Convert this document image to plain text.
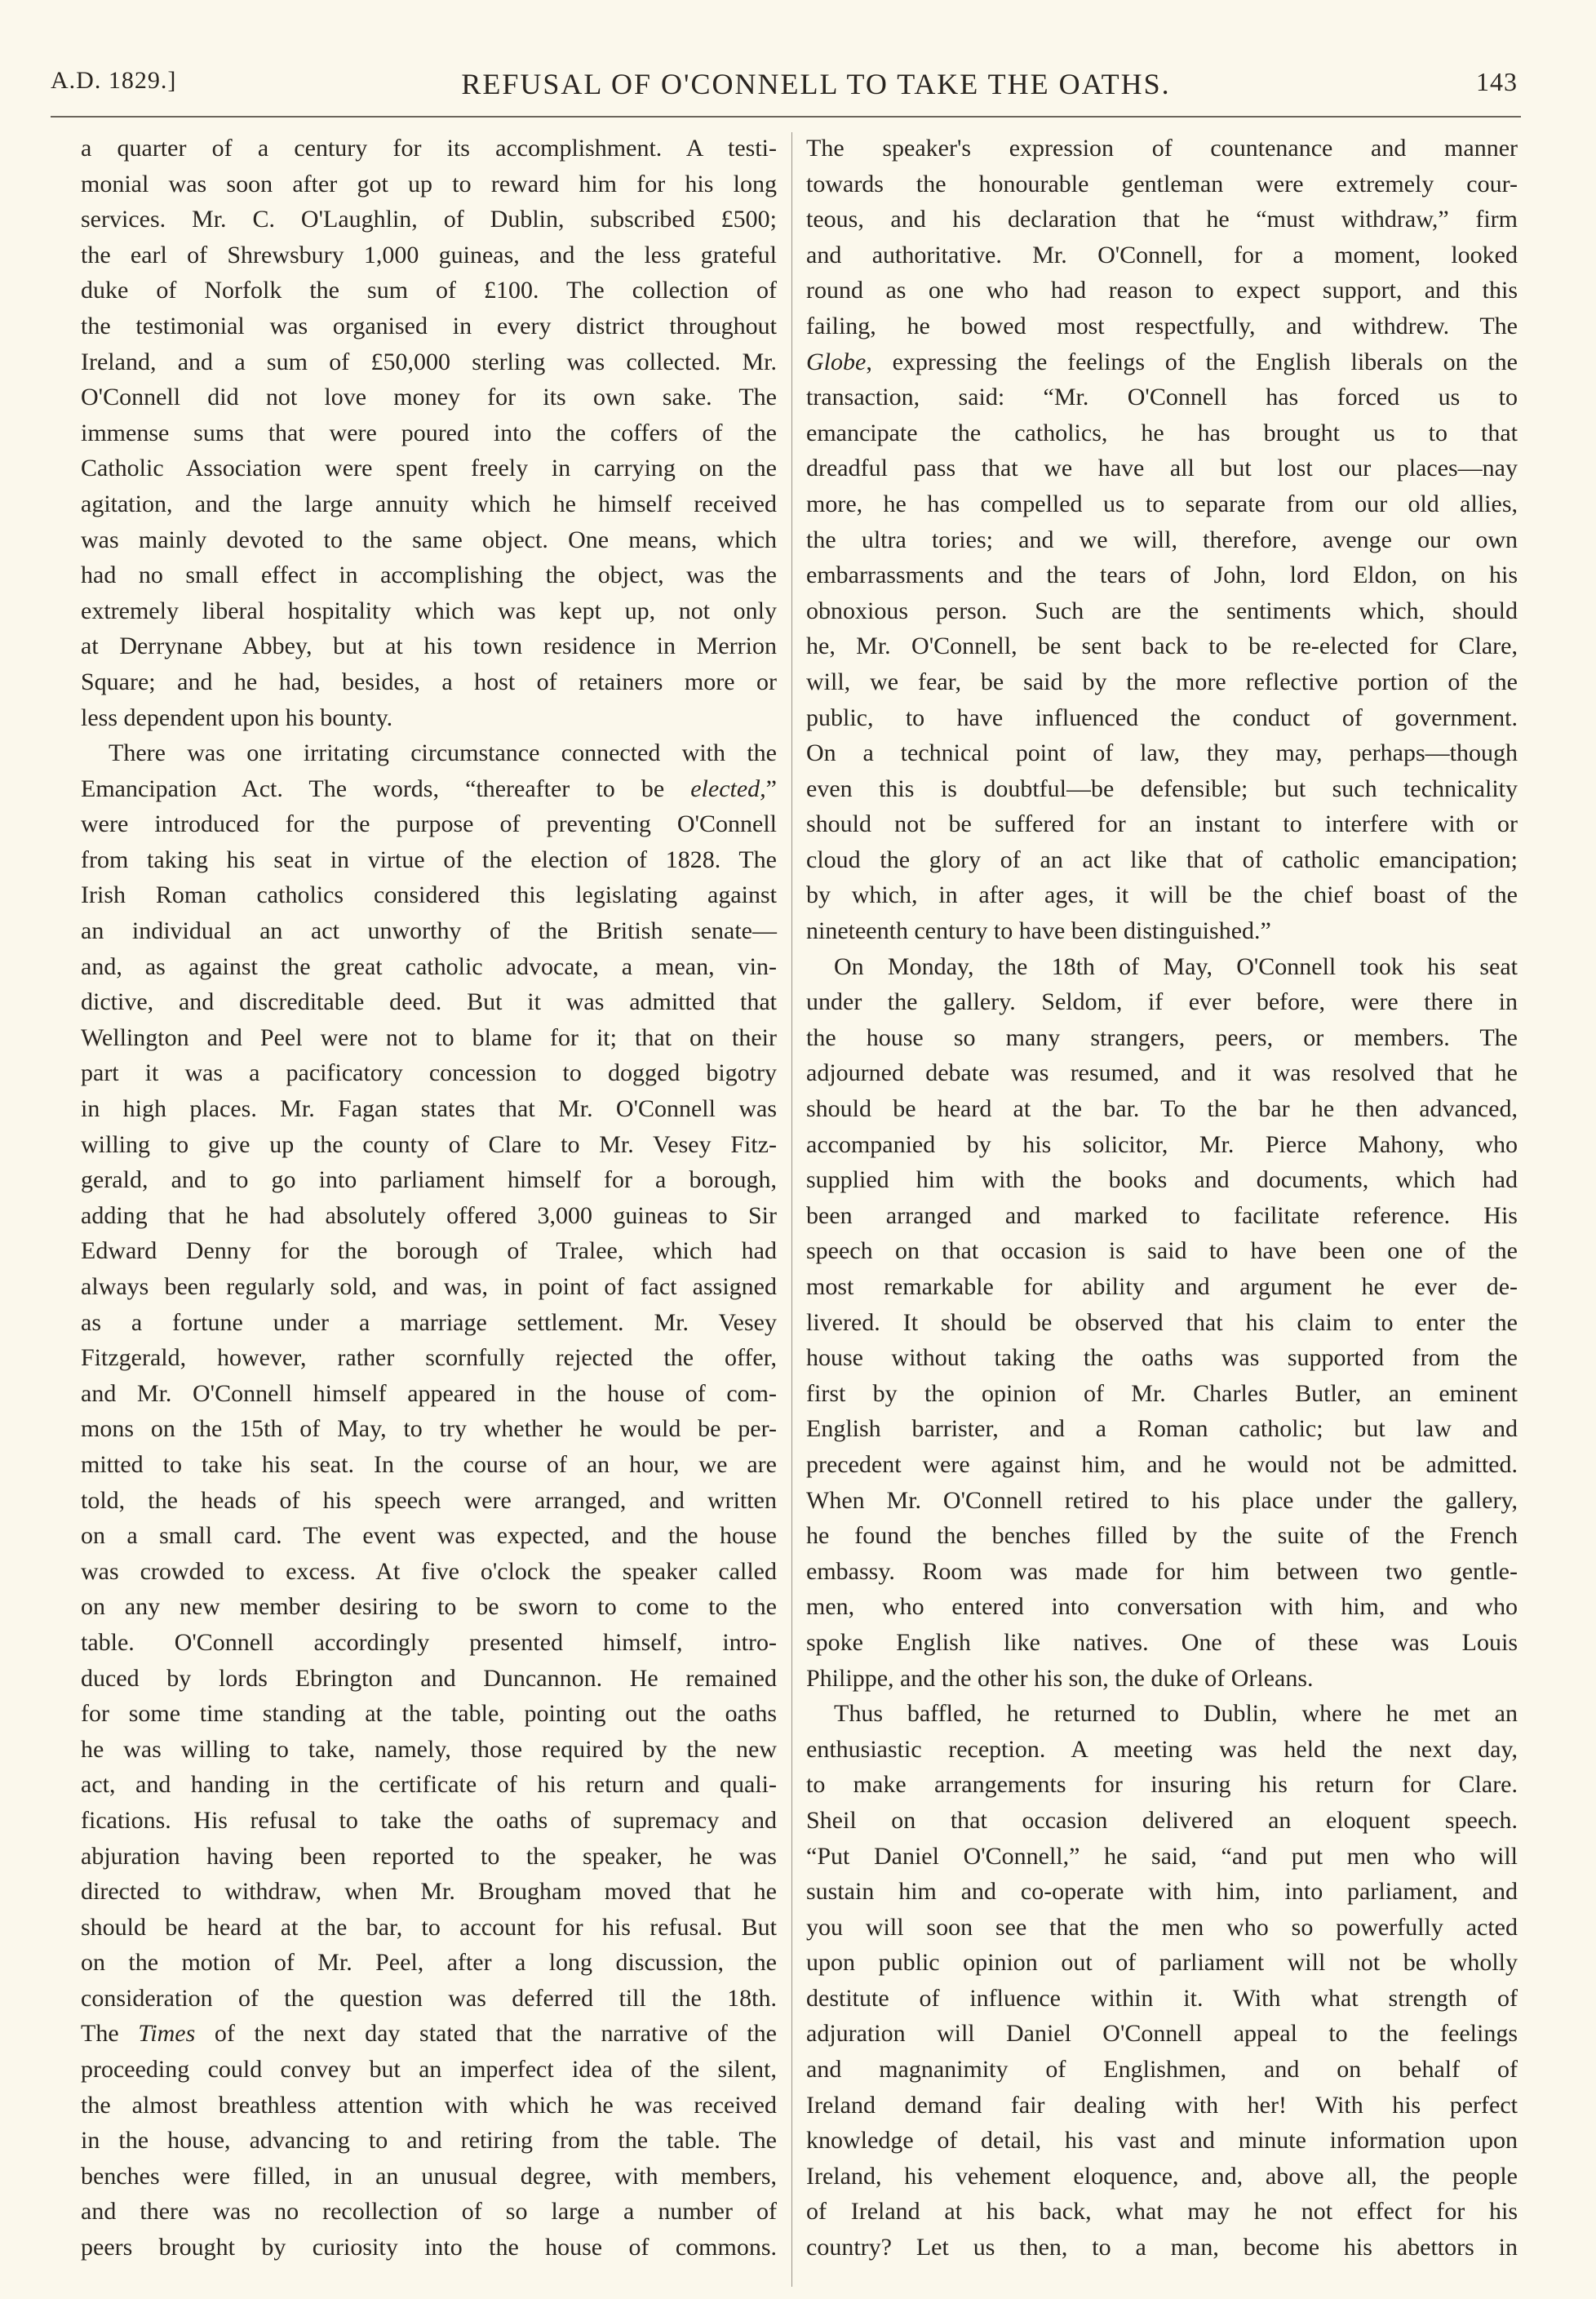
A.D. 1829.]	REFUSAL OF O'CONNELL TO TAKE THE OATHS.	143
a quarter of a century for its accomplishment. A testi-
monial was soon after got up to reward him for his long
services. Mr. C. O'Laughlin, of Dublin, subscribed £500;
the earl of Shrewsbury 1,000 guineas, and the less grateful
duke of Norfolk the sum of £100. The collection of
the testimonial was organised in every district throughout
Ireland, and a sum of £50,000 sterling was collected. Mr.
O'Connell did not love money for its own sake. The
immense sums that were poured into the coffers of the
Catholic Association were spent freely in carrying on the
agitation, and the large annuity which he himself received
was mainly devoted to the same object. One means, which
had no small effect in accomplishing the object, was the
extremely liberal hospitality which was kept up, not only
at Derrynane Abbey, but at his town residence in Merrion
Square; and he had, besides, a host of retainers more or
less dependent upon his bounty.
There was one irritating circumstance connected with the
Emancipation Act. The words, “thereafter to be elected,”
were introduced for the purpose of preventing O'Connell
from taking his seat in virtue of the election of 1828. The
Irish Roman catholics considered this legislating against
an individual an act unworthy of the British senate—
and, as against the great catholic advocate, a mean, vin-
dictive, and discreditable deed. But it was admitted that
Wellington and Peel were not to blame for it; that on their
part it was a pacificatory concession to dogged bigotry
in high places. Mr. Fagan states that Mr. O'Connell was
willing to give up the county of Clare to Mr. Vesey Fitz-
gerald, and to go into parliament himself for a borough,
adding that he had absolutely offered 3,000 guineas to Sir
Edward Denny for the borough of Tralee, which had
always been regularly sold, and was, in point of fact assigned
as a fortune under a marriage settlement. Mr. Vesey
Fitzgerald, however, rather scornfully rejected the offer,
and Mr. O'Connell himself appeared in the house of com-
mons on the 15th of May, to try whether he would be per-
mitted to take his seat. In the course of an hour, we are
told, the heads of his speech were arranged, and written
on a small card. The event was expected, and the house
was crowded to excess. At five o'clock the speaker called
on any new member desiring to be sworn to come to the
table. O'Connell accordingly presented himself, intro-
duced by lords Ebrington and Duncannon. He remained
for some time standing at the table, pointing out the oaths
he was willing to take, namely, those required by the new
act, and handing in the certificate of his return and quali-
fications. His refusal to take the oaths of supremacy and
abjuration having been reported to the speaker, he was
directed to withdraw, when Mr. Brougham moved that he
should be heard at the bar, to account for his refusal. But
on the motion of Mr. Peel, after a long discussion, the
consideration of the question was deferred till the 18th.
The Times of the next day stated that the narrative of the
proceeding could convey but an imperfect idea of the silent,
the almost breathless attention with which he was received
in the house, advancing to and retiring from the table. The
benches were filled, in an unusual degree, with members,
and there was no recollection of so large a number of
peers brought by curiosity into the house of commons.
The speaker's expression of countenance and manner
towards the honourable gentleman were extremely cour-
teous, and his declaration that he “must withdraw,” firm
and authoritative. Mr. O'Connell, for a moment, looked
round as one who had reason to expect support, and this
failing, he bowed most respectfully, and withdrew. The
Globe, expressing the feelings of the English liberals on the
transaction, said: “Mr. O'Connell has forced us to
emancipate the catholics, he has brought us to that
dreadful pass that we have all but lost our places—nay
more, he has compelled us to separate from our old allies,
the ultra tories; and we will, therefore, avenge our own
embarrassments and the tears of John, lord Eldon, on his
obnoxious person. Such are the sentiments which, should
he, Mr. O'Connell, be sent back to be re-elected for Clare,
will, we fear, be said by the more reflective portion of the
public, to have influenced the conduct of government.
On a technical point of law, they may, perhaps—though
even this is doubtful—be defensible; but such technicality
should not be suffered for an instant to interfere with or
cloud the glory of an act like that of catholic emancipation;
by which, in after ages, it will be the chief boast of the
nineteenth century to have been distinguished.”
On Monday, the 18th of May, O'Connell took his seat
under the gallery. Seldom, if ever before, were there in
the house so many strangers, peers, or members. The
adjourned debate was resumed, and it was resolved that he
should be heard at the bar. To the bar he then advanced,
accompanied by his solicitor, Mr. Pierce Mahony, who
supplied him with the books and documents, which had
been arranged and marked to facilitate reference. His
speech on that occasion is said to have been one of the
most remarkable for ability and argument he ever de-
livered. It should be observed that his claim to enter the
house without taking the oaths was supported from the
first by the opinion of Mr. Charles Butler, an eminent
English barrister, and a Roman catholic; but law and
precedent were against him, and he would not be admitted.
When Mr. O'Connell retired to his place under the gallery,
he found the benches filled by the suite of the French
embassy. Room was made for him between two gentle-
men, who entered into conversation with him, and who
spoke English like natives. One of these was Louis
Philippe, and the other his son, the duke of Orleans.
Thus baffled, he returned to Dublin, where he met an
enthusiastic reception. A meeting was held the next day,
to make arrangements for insuring his return for Clare.
Sheil on that occasion delivered an eloquent speech.
“Put Daniel O'Connell,” he said, “and put men who will
sustain him and co-operate with him, into parliament, and
you will soon see that the men who so powerfully acted
upon public opinion out of parliament will not be wholly
destitute of influence within it. With what strength of
adjuration will Daniel O'Connell appeal to the feelings
and magnanimity of Englishmen, and on behalf of
Ireland demand fair dealing with her! With his perfect
knowledge of detail, his vast and minute information upon
Ireland, his vehement eloquence, and, above all, the people
of Ireland at his back, what may he not effect for his
country? Let us then, to a man, become his abettors in
